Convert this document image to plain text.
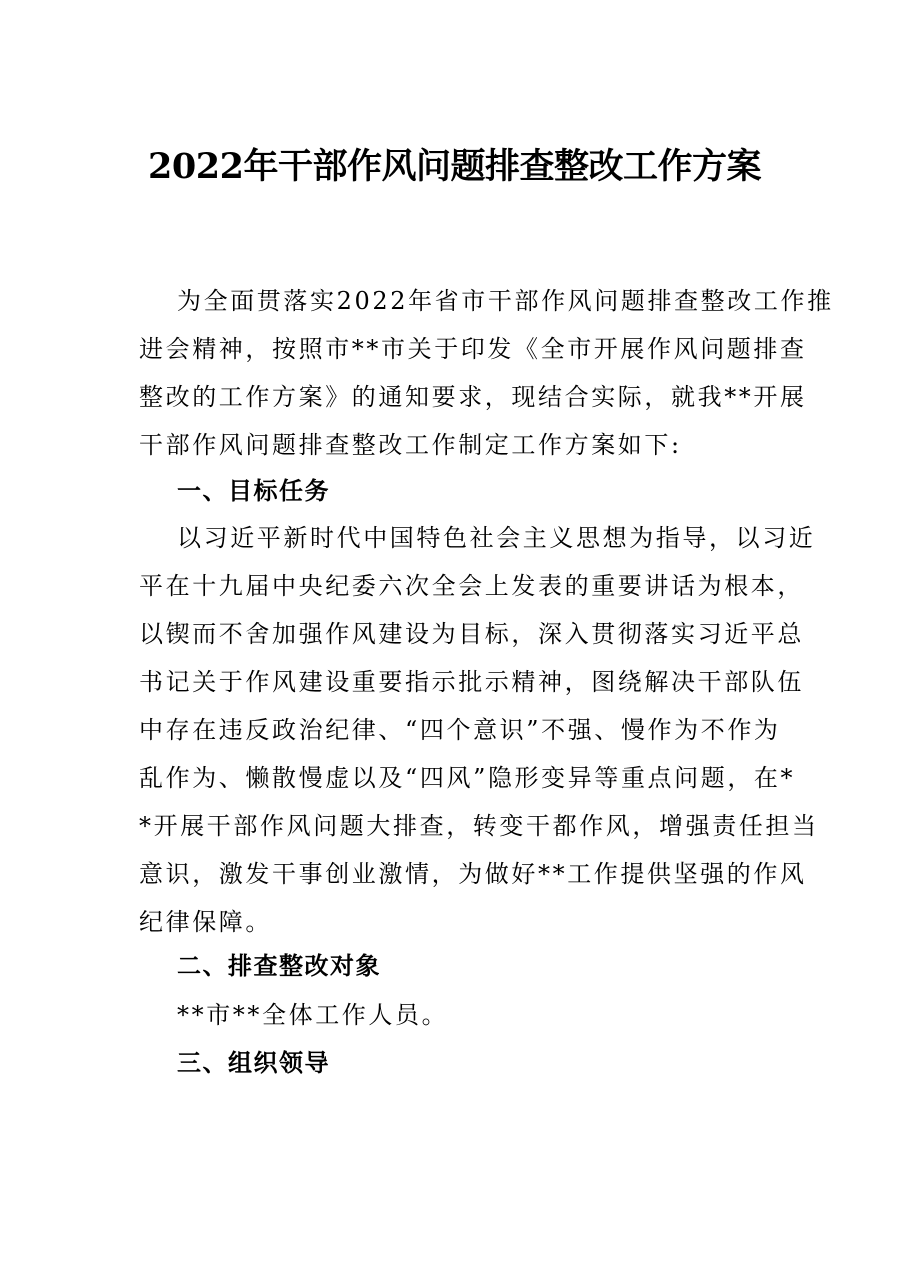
2022年干部作风问题排查整改工作方案
为全面贯落实2022年省市干部作风问题排查整改工作推
进会精神，按照市**市关于印发《全市开展作风问题排查
整改的工作方案》的通知要求，现结合实际，就我**开展
干部作风问题排查整改工作制定工作方案如下:
一、目标任务
以习近平新时代中国特色社会主义思想为指导，以习近
平在十九届中央纪委六次全会上发表的重要讲话为根本，
以锲而不舍加强作风建设为目标，深入贯彻落实习近平总
书记关于作风建设重要指示批示精神，图绕解决干部队伍
中存在违反政治纪律、“四个意识”不强、慢作为不作为
乱作为、懒散慢虚以及“四风”隐形变异等重点问题，在*
*开展干部作风问题大排查，转变干都作风，增强责任担当
意识，激发干事创业激情，为做好**工作提供坚强的作风
纪律保障。
二、排查整改对象
**市**全体工作人员。
三、组织领导
